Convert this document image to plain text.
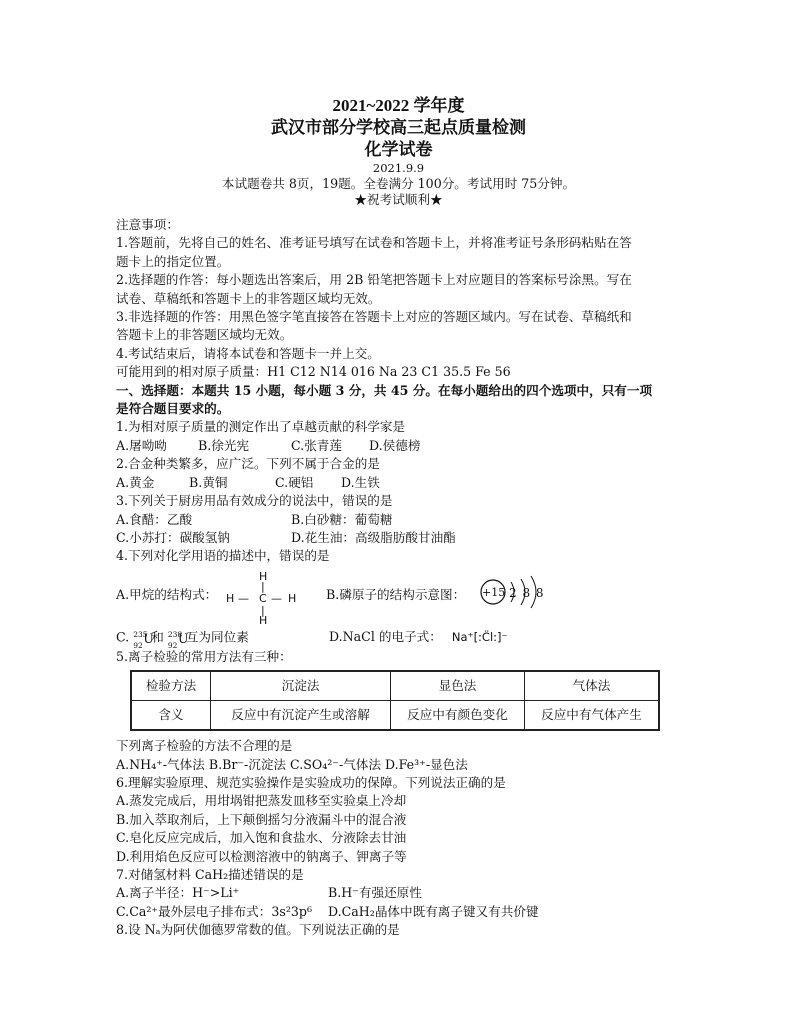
2021~2022 学年度
武汉市部分学校高三起点质量检测
化学试卷
2021.9.9
本试题卷共 8页，19题。全卷满分 100分。考试用时 75分钟。
★祝考试顺利★
注意事项：
1.答题前，先将自己的姓名、准考证号填写在试卷和答题卡上，并将准考证号条形码粘贴在答
题卡上的指定位置。
2.选择题的作答：每小题选出答案后，用 2B 铅笔把答题卡上对应题目的答案标号涂黑。写在
试卷、草稿纸和答题卡上的非答题区域均无效。
3.非选择题的作答：用黑色签字笔直接答在答题卡上对应的答题区域内。写在试卷、草稿纸和
答题卡上的非答题区域均无效。
4.考试结束后，请将本试卷和答题卡一并上交。
可能用到的相对原子质量：H1 C12 N14 016 Na 23 C1 35.5 Fe 56
一、选择题：本题共 15 小题，每小题 3 分，共 45 分。在每小题给出的四个选项中，只有一项
是符合题目要求的。
1.为相对原子质量的测定作出了卓越贡献的科学家是
A.屠呦呦 B.徐光宪	C.张青莲 D.侯德榜
2.合金种类繁多，应广泛。下列不属于合金的是
A.黄金	B.黄铜	C.硬铝 D.生铁
3.下列关于厨房用品有效成分的说法中，错误的是
A.食醋：乙酸	B.白砂糖：葡萄糖
C.小苏打：碳酸氢钠	D.花生油：高级脂肪酸甘油酯
4.下列对化学用语的描述中，错误的是
A.甲烷的结构式：
H
|
H — C — H
|
H
B.磷原子的结构示意图： +15 2 8 8
C. 235
92 U
和 238
92 U
互为同位素	D.NaCl 的电子式： Na⁺[:C̈l:]⁻
5.离子检验的常用方法有三种：
检验方法	沉淀法	显色法	气体法
含义	反应中有沉淀产生或溶解	反应中有颜色变化	反应中有气体产生
下列离子检验的方法不合理的是
A.NH₄⁺-气体法 B.Br⁻-沉淀法 C.SO₄²⁻-气体法 D.Fe³⁺-显色法
6.理解实验原理、规范实验操作是实验成功的保障。下列说法正确的是
A.蒸发完成后，用坩埚钳把蒸发皿移至实验桌上冷却
B.加入萃取剂后，上下颠倒摇匀分液漏斗中的混合液
C.皂化反应完成后，加入饱和食盐水、分液除去甘油
D.利用焰色反应可以检测溶液中的钠离子、钾离子等
7.对储氢材料 CaH₂描述错误的是
A.离子半径：H⁻>Li⁺	B.H⁻有强还原性
C.Ca²⁺最外层电子排布式：3s²3p⁶ D.CaH₂晶体中既有离子键又有共价键
8.设 Nₐ为阿伏伽德罗常数的值。下列说法正确的是
